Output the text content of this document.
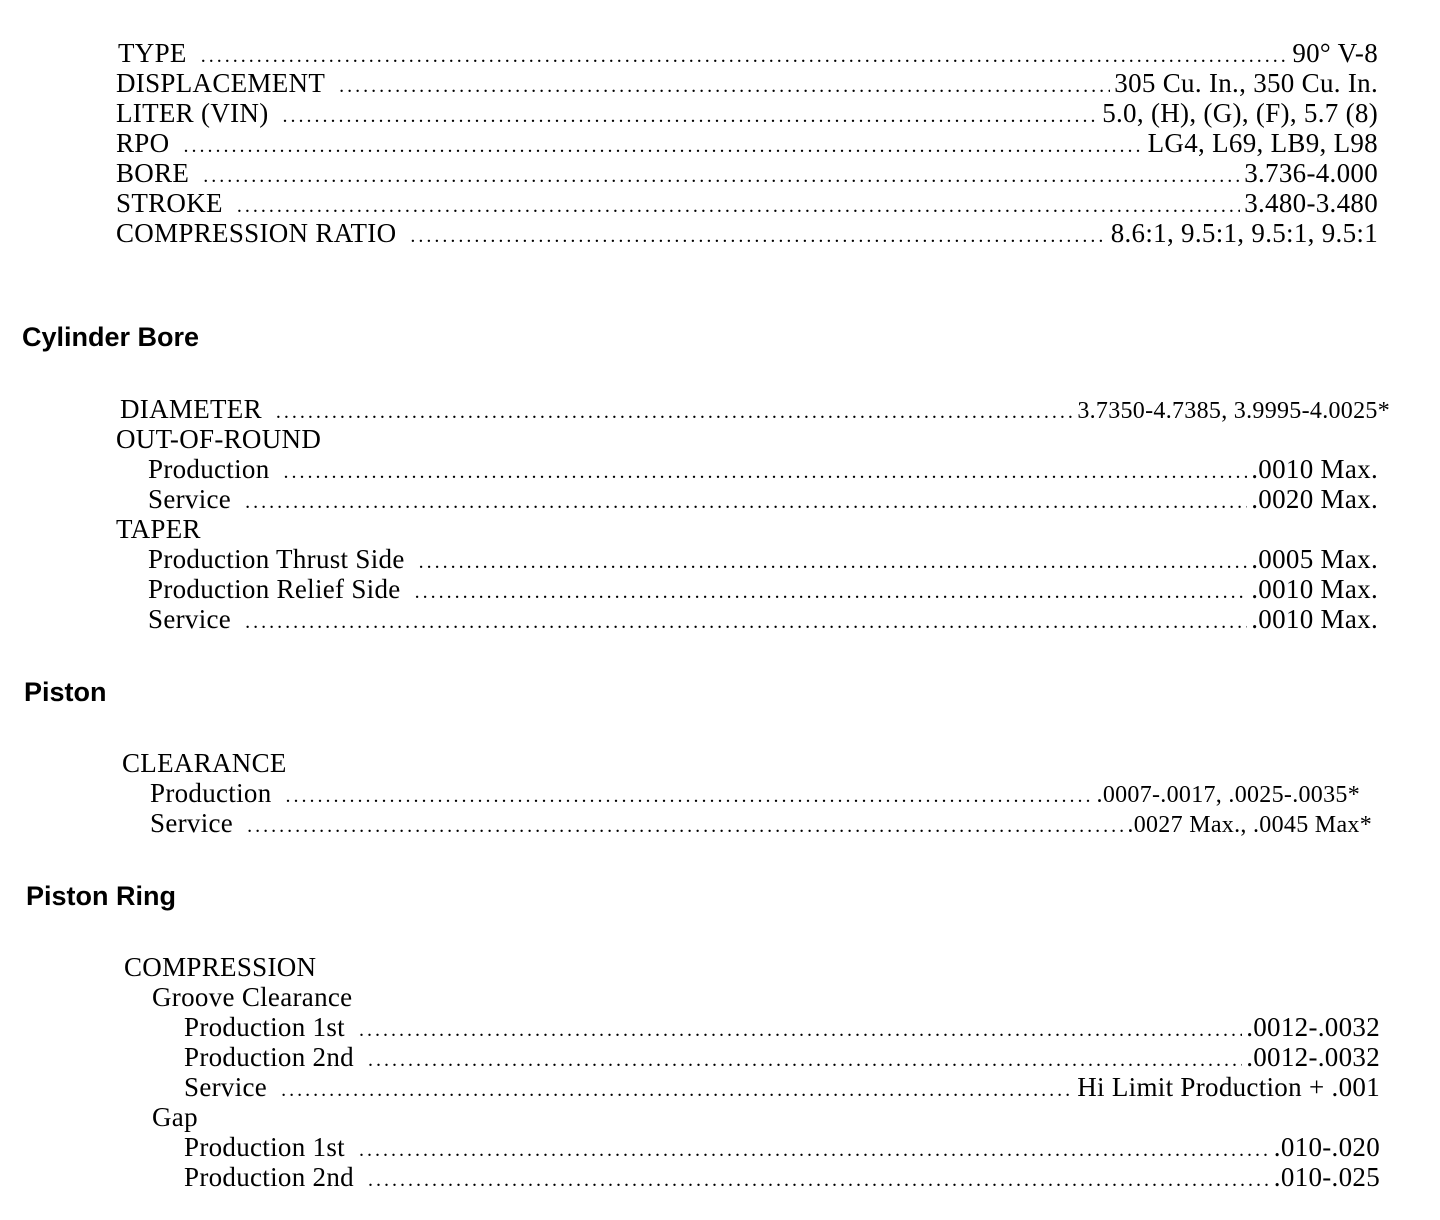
TYPE .....	90° V-8
DISPLACEMENT .....	305 Cu. In., 350 Cu. In.
LITER (VIN) .....	5.0, (H), (G), (F), 5.7 (8)
RPO .....	LG4, L69, LB9, L98
BORE .....	3.736-4.000
STROKE .....	3.480-3.480
COMPRESSION RATIO .....	8.6:1, 9.5:1, 9.5:1, 9.5:1
Cylinder Bore
DIAMETER .....	3.7350-4.7385, 3.9995-4.0025*
OUT-OF-ROUND
Production .....	.0010 Max.
Service .....	.0020 Max.
TAPER
Production Thrust Side .....	.0005 Max.
Production Relief Side .....	.0010 Max.
Service .....	.0010 Max.
Piston
CLEARANCE
Production .....	.0007-.0017, .0025-.0035*
Service .....	.0027 Max., .0045 Max*
Piston Ring
COMPRESSION
Groove Clearance
Production 1st .....	.0012-.0032
Production 2nd .....	.0012-.0032
Service .....	Hi Limit Production + .001
Gap
Production 1st .....	.010-.020
Production 2nd .....	.010-.025
